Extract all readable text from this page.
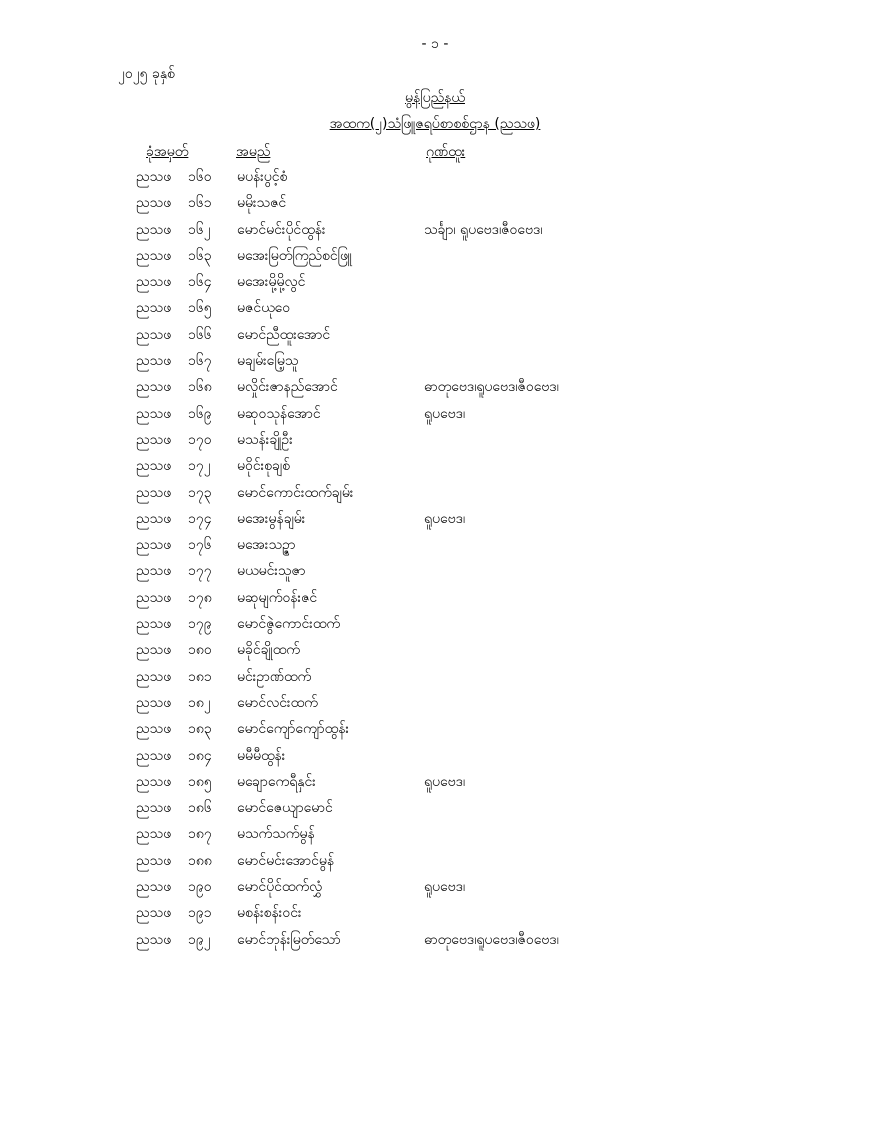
- ၁ -
၂၀၂၅ ခုနှစ်
မွန်ပြည်နယ်
အထက(၂)သံဖြူဇရပ်စာစစ်ဌာန (ညသဖ)
ခုံအမှတ်	အမည်	ဂုဏ်ထူး
ညသဖ ၁၆၀ မပန်းပွင့်စံ
ညသဖ ၁၆၁ မမိုးသဇင်
ညသဖ ၁၆၂ မောင်မင်းပိုင်ထွန်း	သင်္ချာ၊ ရူပဗေဒ၊ဇီဝဗေဒ၊
ညသဖ ၁၆၃ မအေးမြတ်ကြည်စင်ဖြူ
ညသဖ ၁၆၄ မအေးမို့မို့လွင်
ညသဖ ၁၆၅ မဇင်ယုဝေ
ညသဖ ၁၆၆ မောင်ညီထူးအောင်
ညသဖ ၁၆၇ မချမ်းမြေ့သူ
ညသဖ ၁၆၈ မလှိုင်းဇာနည်အောင်	ဓာတုဗေဒ၊ရူပဗေဒ၊ဇီဝဗေဒ၊
ညသဖ ၁၆၉ မဆုဝသုန်အောင်	ရူပဗေဒ၊
ညသဖ ၁၇၀ မသန်းချိုဦး
ညသဖ ၁၇၂ မဝိုင်းစုချစ်
ညသဖ ၁၇၃ မောင်ကောင်းထက်ချမ်း
ညသဖ ၁၇၄ မအေးမွန်ချမ်း	ရူပဗေဒ၊
ညသဖ ၁၇၆ မအေးသဉ္ဇာ
ညသဖ ၁၇၇ မယမင်းသူဇာ
ညသဖ ၁၇၈ မဆုမျက်ဝန်းဇင်
ညသဖ ၁၇၉ မောင်ဇွဲကောင်းထက်
ညသဖ ၁၈၀ မခိုင်ချိုထက်
ညသဖ ၁၈၁ မင်းဥာဏ်ထက်
ညသဖ ၁၈၂ မောင်လင်းထက်
ညသဖ ၁၈၃ မောင်ကျော်ကျော်ထွန်း
ညသဖ ၁၈၄ မမီမီထွန်း
ညသဖ ၁၈၅ မချောကေရီနှင်း	ရူပဗေဒ၊
ညသဖ ၁၈၆ မောင်ဇေယျာမောင်
ညသဖ ၁၈၇ မသက်သက်မွန်
ညသဖ ၁၈၈ မောင်မင်းအောင်မွန်
ညသဖ ၁၉၀ မောင်ပိုင်ထက်လွှံ	ရူပဗေဒ၊
ညသဖ ၁၉၁ မစန်းစန်းဝင်း
ညသဖ ၁၉၂ မောင်ဘုန်းမြတ်သော်	ဓာတုဗေဒ၊ရူပဗေဒ၊ဇီဝဗေဒ၊
